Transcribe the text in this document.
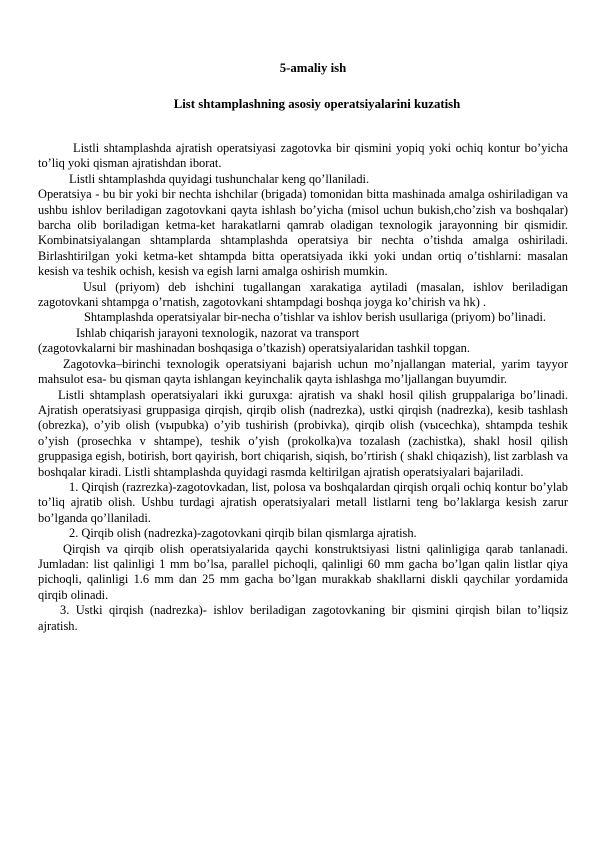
5-amaliy ish
List shtamplashning asosiy operatsiyalarini kuzatish

Listli shtamplashda ajratish operatsiyasi zagotovka bir qismini yopiq yoki ochiq kontur bo’yicha to’liq yoki qisman ajratishdan iborat.

Listli shtamplashda quyidagi tushunchalar keng qo’llaniladi.

Operatsiya - bu bir yoki bir nechta ishchilar (brigada) tomonidan bitta mashinada amalga oshiriladigan va ushbu ishlov beriladigan zagotovkani qayta ishlash bo’yicha (misol uchun bukish,cho’zish va boshqalar) barcha olib boriladigan ketma-ket harakatlarni qamrab oladigan texnologik jarayonning bir qismidir. Kombinatsiyalangan shtamplarda shtamplashda operatsiya bir nechta o’tishda amalga oshiriladi. Birlashtirilgan yoki ketma-ket shtampda bitta operatsiyada ikki yoki undan ortiq o’tishlarni: masalan kesish va teshik ochish, kesish va egish larni amalga oshirish mumkin.

Usul (priyom) deb ishchini tugallangan xarakatiga aytiladi (masalan, ishlov beriladigan zagotovkani shtampga o’rnatish, zagotovkani shtampdagi boshqa joyga ko’chirish va hk) .

Shtamplashda operatsiyalar bir-necha o’tishlar va ishlov berish usullariga (priyom) bo’linadi.

Ishlab chiqarish jarayoni texnologik, nazorat va transport

(zagotovkalarni bir mashinadan boshqasiga o’tkazish) operatsiyalaridan tashkil topgan.

Zagotovka–birinchi texnologik operatsiyani bajarish uchun mo’njallangan material, yarim tayyor mahsulot esa- bu qisman qayta ishlangan keyinchalik qayta ishlashga mo’ljallangan buyumdir.

Listli shtamplash operatsiyalari ikki guruxga: ajratish va shakl hosil qilish gruppalariga bo’linadi. Ajratish operatsiyasi gruppasiga qirqish, qirqib olish (nadrezka), ustki qirqish (nadrezka), kesib tashlash (obrezka), o’yib olish (vырubka) o’yib tushirish (probivka), qirqib olish (vысechka), shtampda teshik o’yish (prosechka v shtampe), teshik o’yish (prokolka)va tozalash (zachistka), shakl hosil qilish gruppasiga egish, botirish, bort qayirish, bort chiqarish, siqish, bo’rtirish ( shakl chiqazish), list zarblash va boshqalar kiradi. Listli shtamplashda quyidagi rasmda keltirilgan ajratish operatsiyalari bajariladi.

1. Qirqish (razrezka)-zagotovkadan, list, polosa va boshqalardan qirqish orqali ochiq kontur bo’ylab to’liq ajratib olish. Ushbu turdagi ajratish operatsiyalari metall listlarni teng bo’laklarga kesish zarur bo’lganda qo’llaniladi.

2. Qirqib olish (nadrezka)-zagotovkani qirqib bilan qismlarga ajratish.

Qirqish va qirqib olish operatsiyalarida qaychi konstruktsiyasi listni qalinligiga qarab tanlanadi. Jumladan: list qalinligi 1 mm bo’lsa, parallel pichoqli, qalinligi 60 mm gacha bo’lgan qalin listlar qiya pichoqli, qalinligi 1.6 mm dan 25 mm gacha bo’lgan murakkab shakllarni diskli qaychilar yordamida qirqib olinadi.

3. Ustki qirqish (nadrezka)- ishlov beriladigan zagotovkaning bir qismini qirqish bilan to’liqsiz ajratish.
